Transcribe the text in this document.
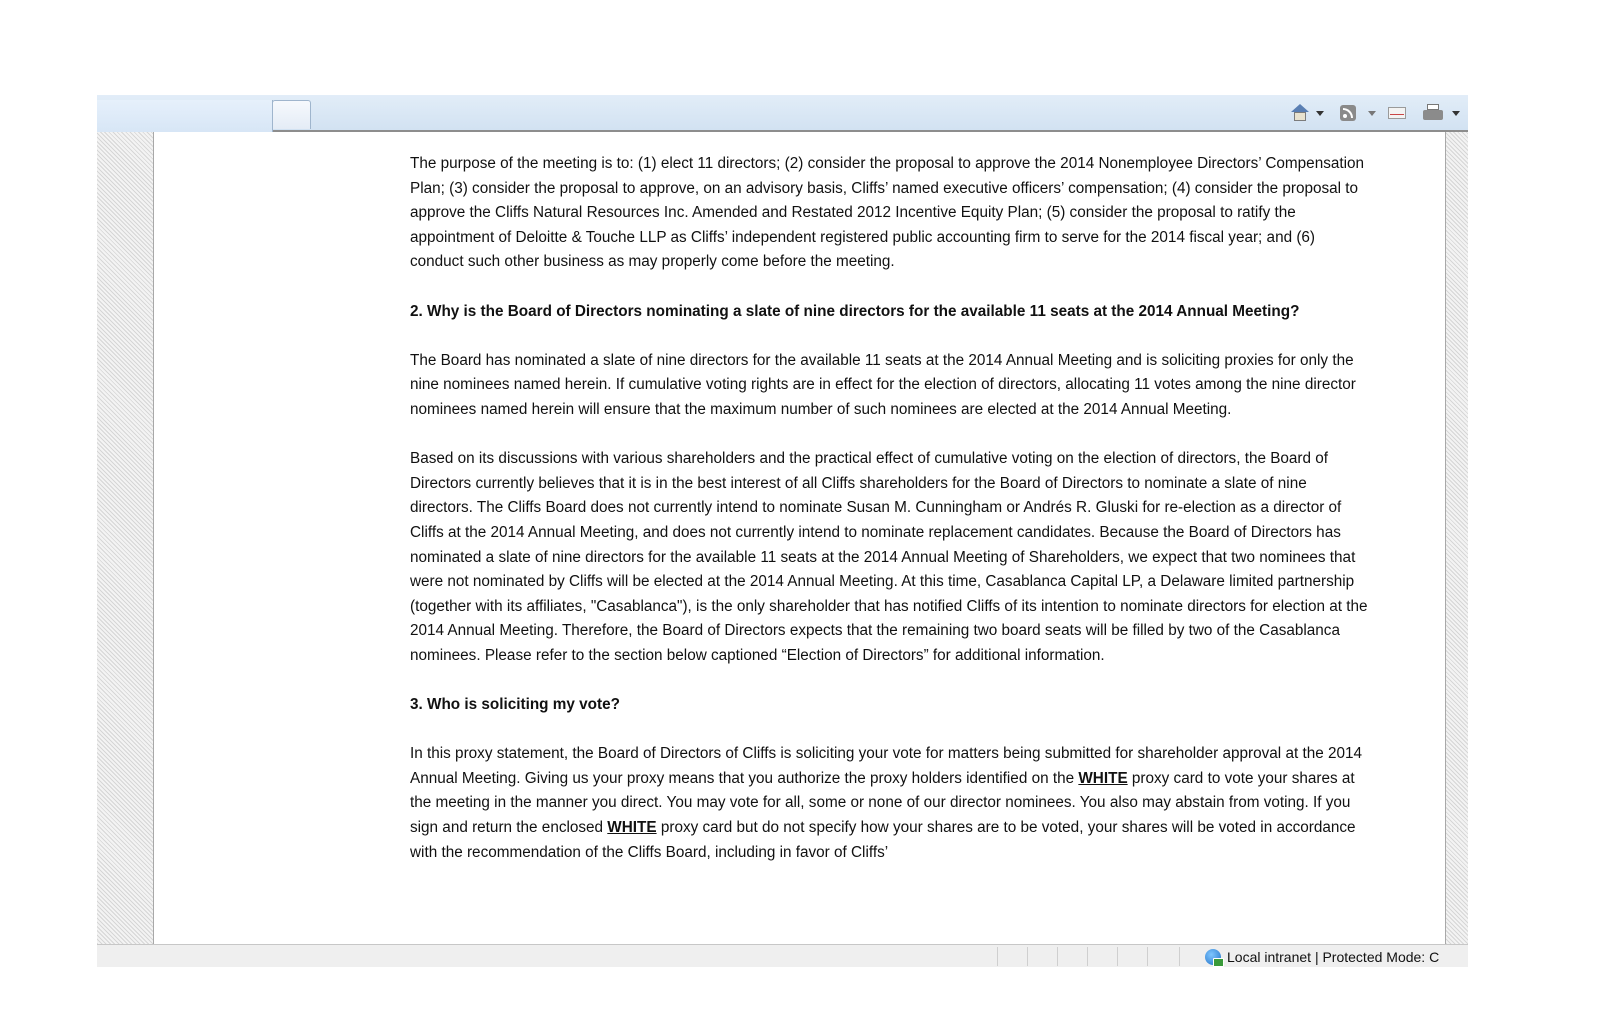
The purpose of the meeting is to: (1) elect 11 directors; (2) consider the proposal to approve the 2014 Nonemployee Directors’ Compensation Plan; (3) consider the proposal to approve, on an advisory basis, Cliffs’ named executive officers’ compensation; (4) consider the proposal to approve the Cliffs Natural Resources Inc. Amended and Restated 2012 Incentive Equity Plan; (5) consider the proposal to ratify the appointment of Deloitte & Touche LLP as Cliffs’ independent registered public accounting firm to serve for the 2014 fiscal year; and (6) conduct such other business as may properly come before the meeting.

2. Why is the Board of Directors nominating a slate of nine directors for the available 11 seats at the 2014 Annual Meeting?

The Board has nominated a slate of nine directors for the available 11 seats at the 2014 Annual Meeting and is soliciting proxies for only the nine nominees named herein. If cumulative voting rights are in effect for the election of directors, allocating 11 votes among the nine director nominees named herein will ensure that the maximum number of such nominees are elected at the 2014 Annual Meeting.

Based on its discussions with various shareholders and the practical effect of cumulative voting on the election of directors, the Board of Directors currently believes that it is in the best interest of all Cliffs shareholders for the Board of Directors to nominate a slate of nine directors. The Cliffs Board does not currently intend to nominate Susan M. Cunningham or Andrés R. Gluski for re-election as a director of Cliffs at the 2014 Annual Meeting, and does not currently intend to nominate replacement candidates. Because the Board of Directors has nominated a slate of nine directors for the available 11 seats at the 2014 Annual Meeting of Shareholders, we expect that two nominees that were not nominated by Cliffs will be elected at the 2014 Annual Meeting. At this time, Casablanca Capital LP, a Delaware limited partnership (together with its affiliates, "Casablanca"), is the only shareholder that has notified Cliffs of its intention to nominate directors for election at the 2014 Annual Meeting. Therefore, the Board of Directors expects that the remaining two board seats will be filled by two of the Casablanca nominees. Please refer to the section below captioned “Election of Directors” for additional information.

3. Who is soliciting my vote?

In this proxy statement, the Board of Directors of Cliffs is soliciting your vote for matters being submitted for shareholder approval at the 2014 Annual Meeting. Giving us your proxy means that you authorize the proxy holders identified on the WHITE proxy card to vote your shares at the meeting in the manner you direct. You may vote for all, some or none of our director nominees. You also may abstain from voting. If you sign and return the enclosed WHITE proxy card but do not specify how your shares are to be voted, your shares will be voted in accordance with the recommendation of the Cliffs Board, including in favor of Cliffs’

Local intranet | Protected Mode: C
